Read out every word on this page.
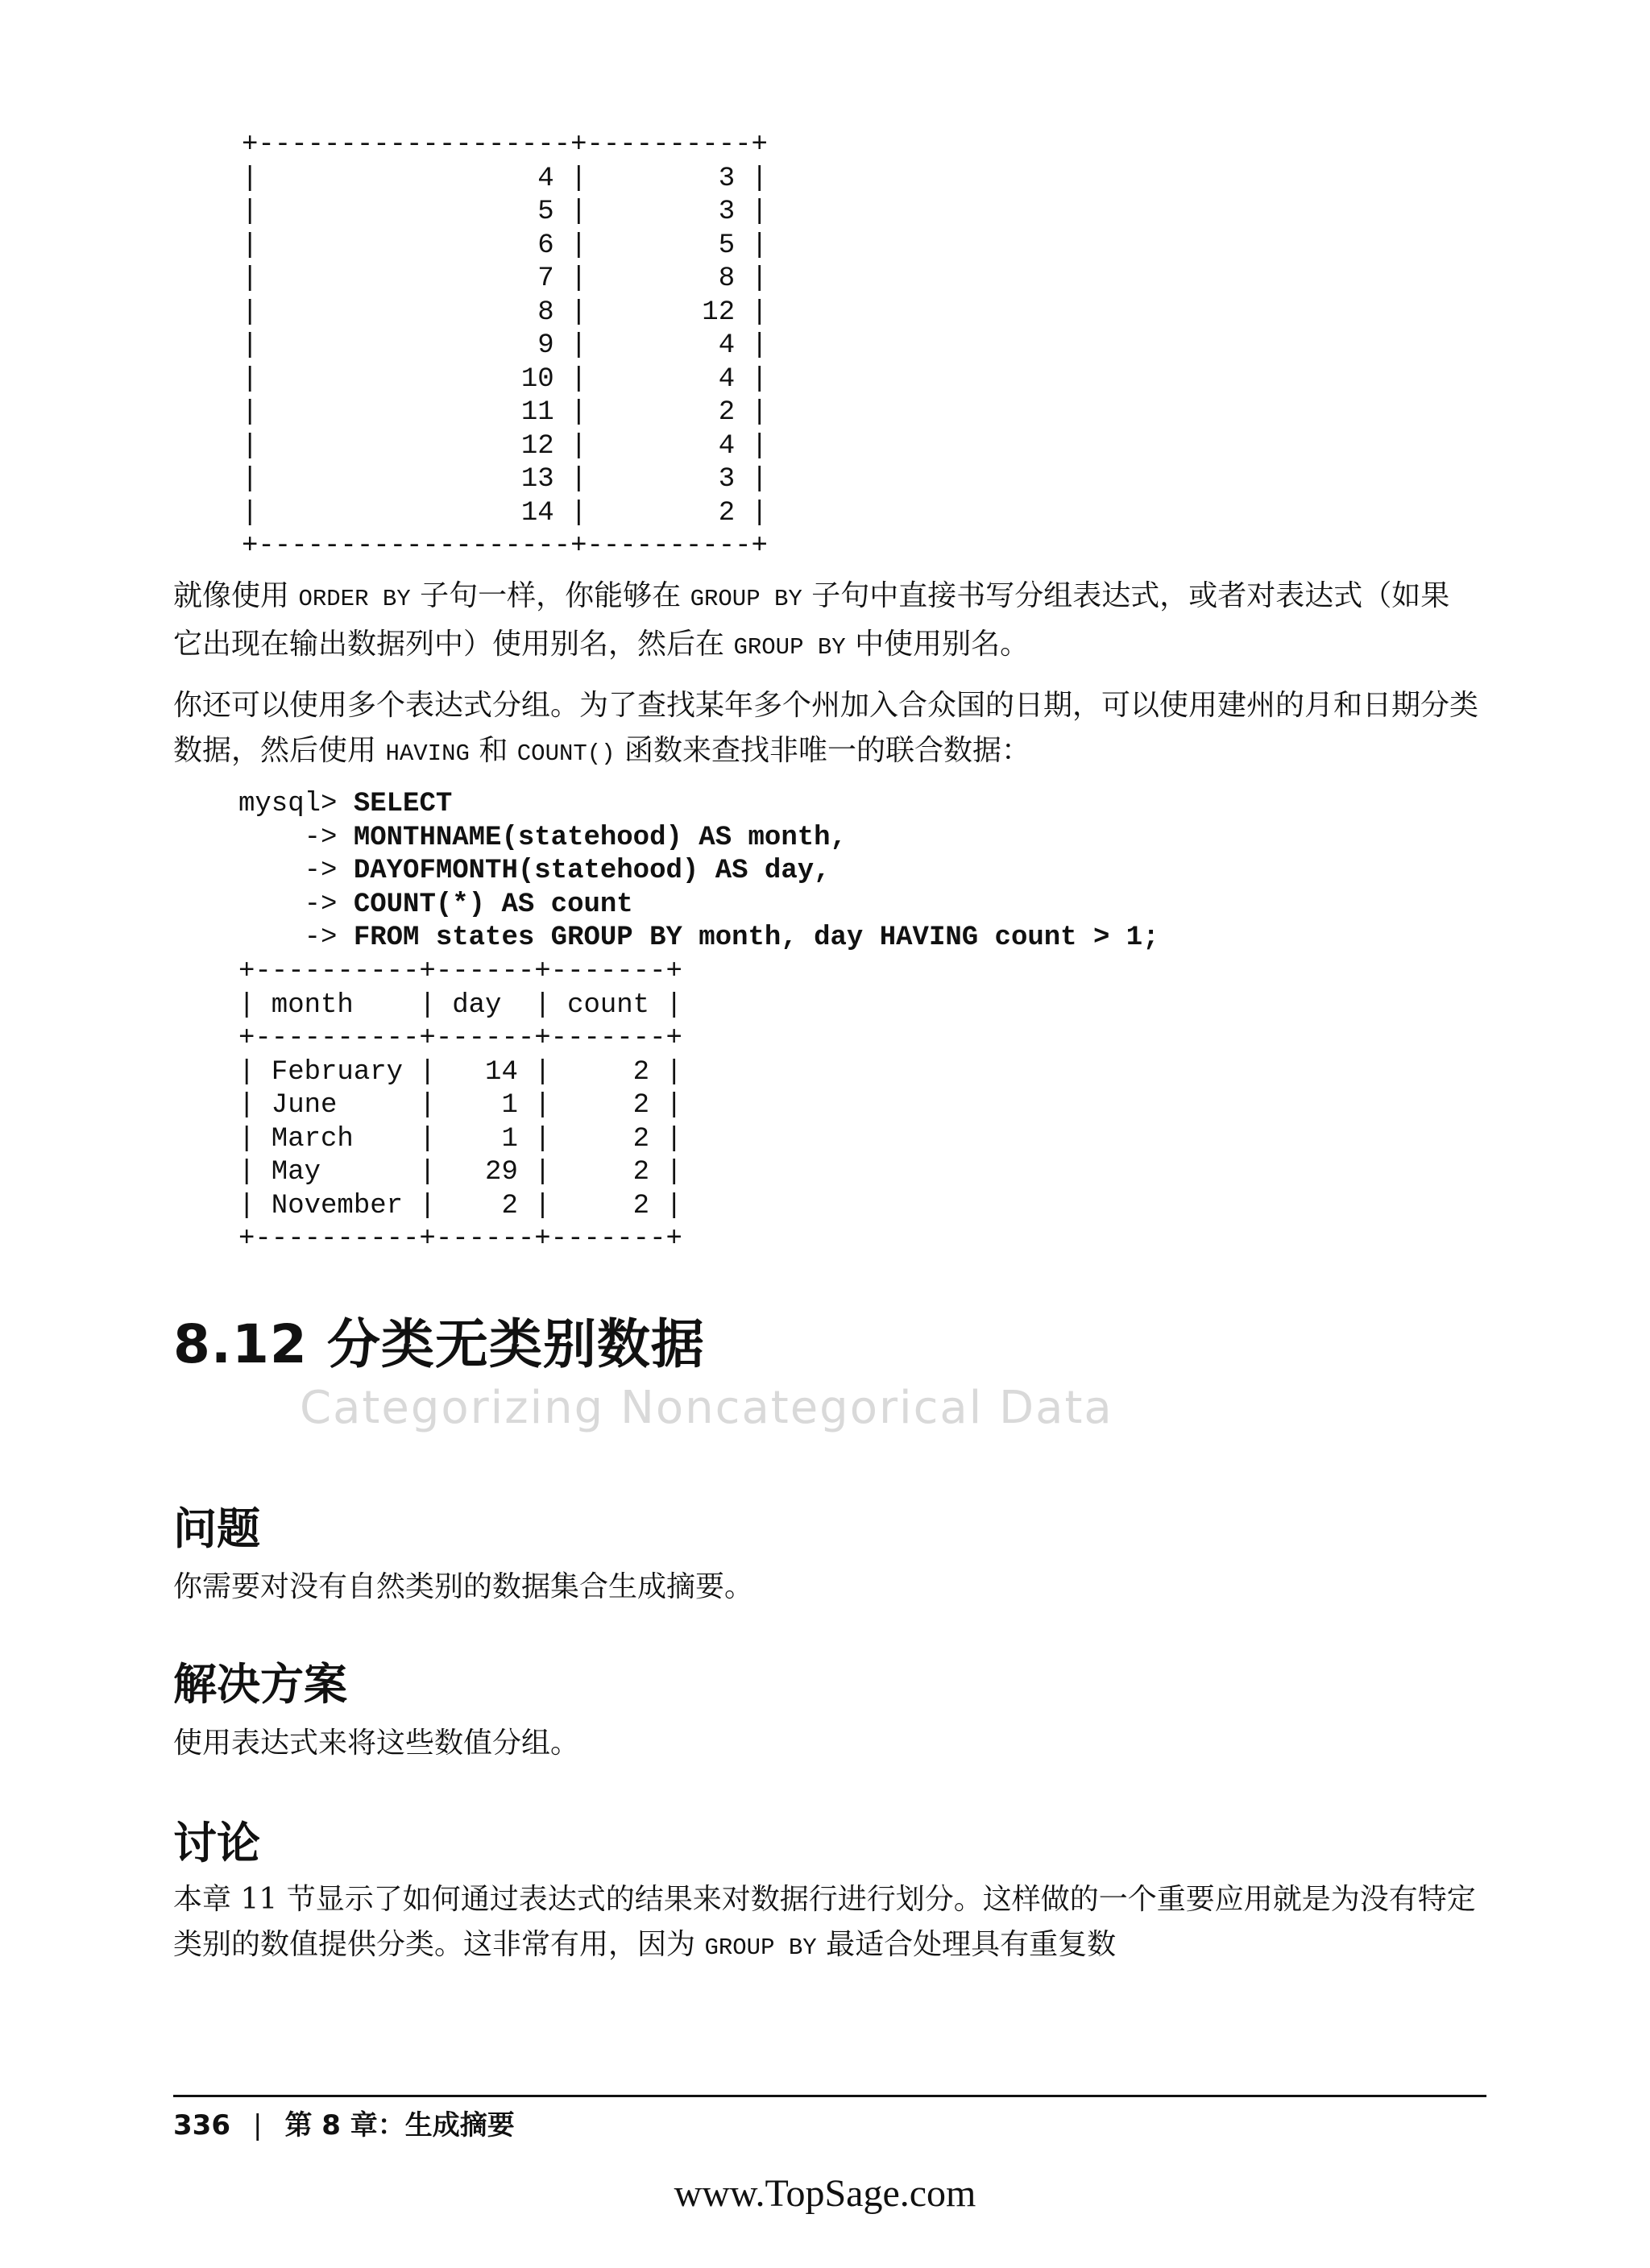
+-------------------+----------+
|                 4 |        3 |
|                 5 |        3 |
|                 6 |        5 |
|                 7 |        8 |
|                 8 |       12 |
|                 9 |        4 |
|                10 |        4 |
|                11 |        2 |
|                12 |        4 |
|                13 |        3 |
|                14 |        2 |
+-------------------+----------+

就像使用 ORDER BY 子句一样，你能够在 GROUP BY 子句中直接书写分组表达式，或者对表达式（如果它出现在输出数据列中）使用别名，然后在 GROUP BY 中使用别名。

你还可以使用多个表达式分组。为了查找某年多个州加入合众国的日期，可以使用建州的月和日期分类数据，然后使用 HAVING 和 COUNT() 函数来查找非唯一的联合数据：

mysql> SELECT
-> MONTHNAME(statehood) AS month,
-> DAYOFMONTH(statehood) AS day,
-> COUNT(*) AS count
-> FROM states GROUP BY month, day HAVING count > 1;
+----------+------+-------+
| month    | day  | count |
+----------+------+-------+
| February |   14 |     2 |
| June     |    1 |     2 |
| March    |    1 |     2 |
| May      |   29 |     2 |
| November |    2 |     2 |
+----------+------+-------+
8.12 分类无类别数据

Categorizing Noncategorical Data

问题

你需要对没有自然类别的数据集合生成摘要。

解决方案

使用表达式来将这些数值分组。

讨论

本章 11 节显示了如何通过表达式的结果来对数据行进行划分。这样做的一个重要应用就是为没有特定类别的数值提供分类。这非常有用，因为 GROUP BY 最适合处理具有重复数

336 | 第 8 章：生成摘要

www.TopSage.com
